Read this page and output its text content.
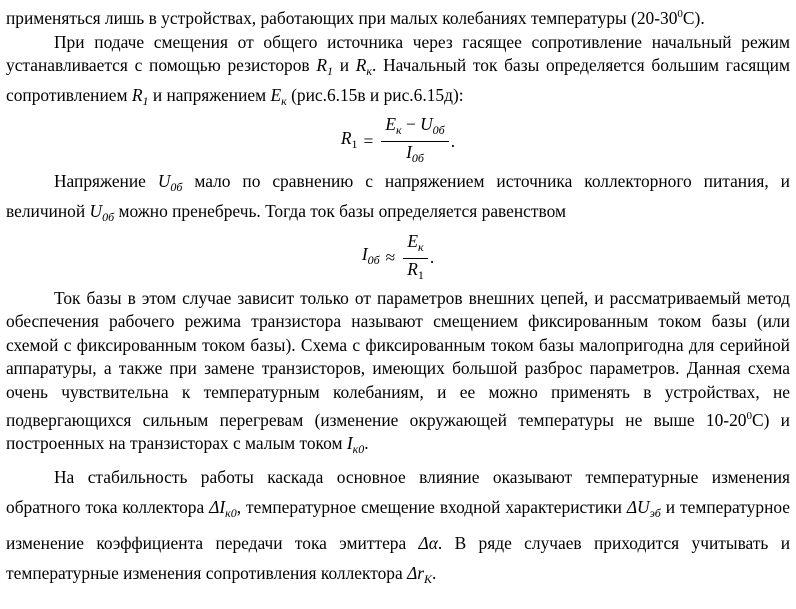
применяться лишь в устройствах, работающих при малых колебаниях температуры $(20-30^0С)$.

При подаче смещения от общего источника через гасящее сопротивление начальный режим устанавливается с помощью резисторов $R_1$ и $R_к$. Начальный ток базы определяется большим гасящим сопротивлением $R_1$ и напряжением $E_к$ (рис.6.15в и рис.6.15д):

$R_1 = \frac{E_к - U_{0б}}{I_{0б}}$ .

Напряжение $U_{0б}$ мало по сравнению с напряжением источника коллекторного питания, и величиной $U_{0б}$ можно пренебречь. Тогда ток базы определяется равенством

$I_{0б} \approx \frac{E_к}{R_1}$ .

Ток базы в этом случае зависит только от параметров внешних цепей, и рассматриваемый метод обеспечения рабочего режима транзистора называют смещением фиксированным током базы (или схемой с фиксированным током базы). Схема с фиксированным током базы малопригодна для серийной аппаратуры, а также при замене транзисторов, имеющих большой разброс параметров. Данная схема очень чувствительна к температурным колебаниям, и ее можно применять в устройствах, не подвергающихся сильным перегревам (изменение окружающей температуры не выше $10-20^0С$) и построенных на транзисторах с малым током $I_{к0}$.

На стабильность работы каскада основное влияние оказывают температурные изменения обратного тока коллектора $\Delta I_{к0}$, температурное смещение входной характеристики $\Delta U_{эб}$ и температурное изменение коэффициента передачи тока эмиттера Δα. В ряде случаев приходится учитывать и температурные изменения сопротивления коллектора $\Delta r_К$.
